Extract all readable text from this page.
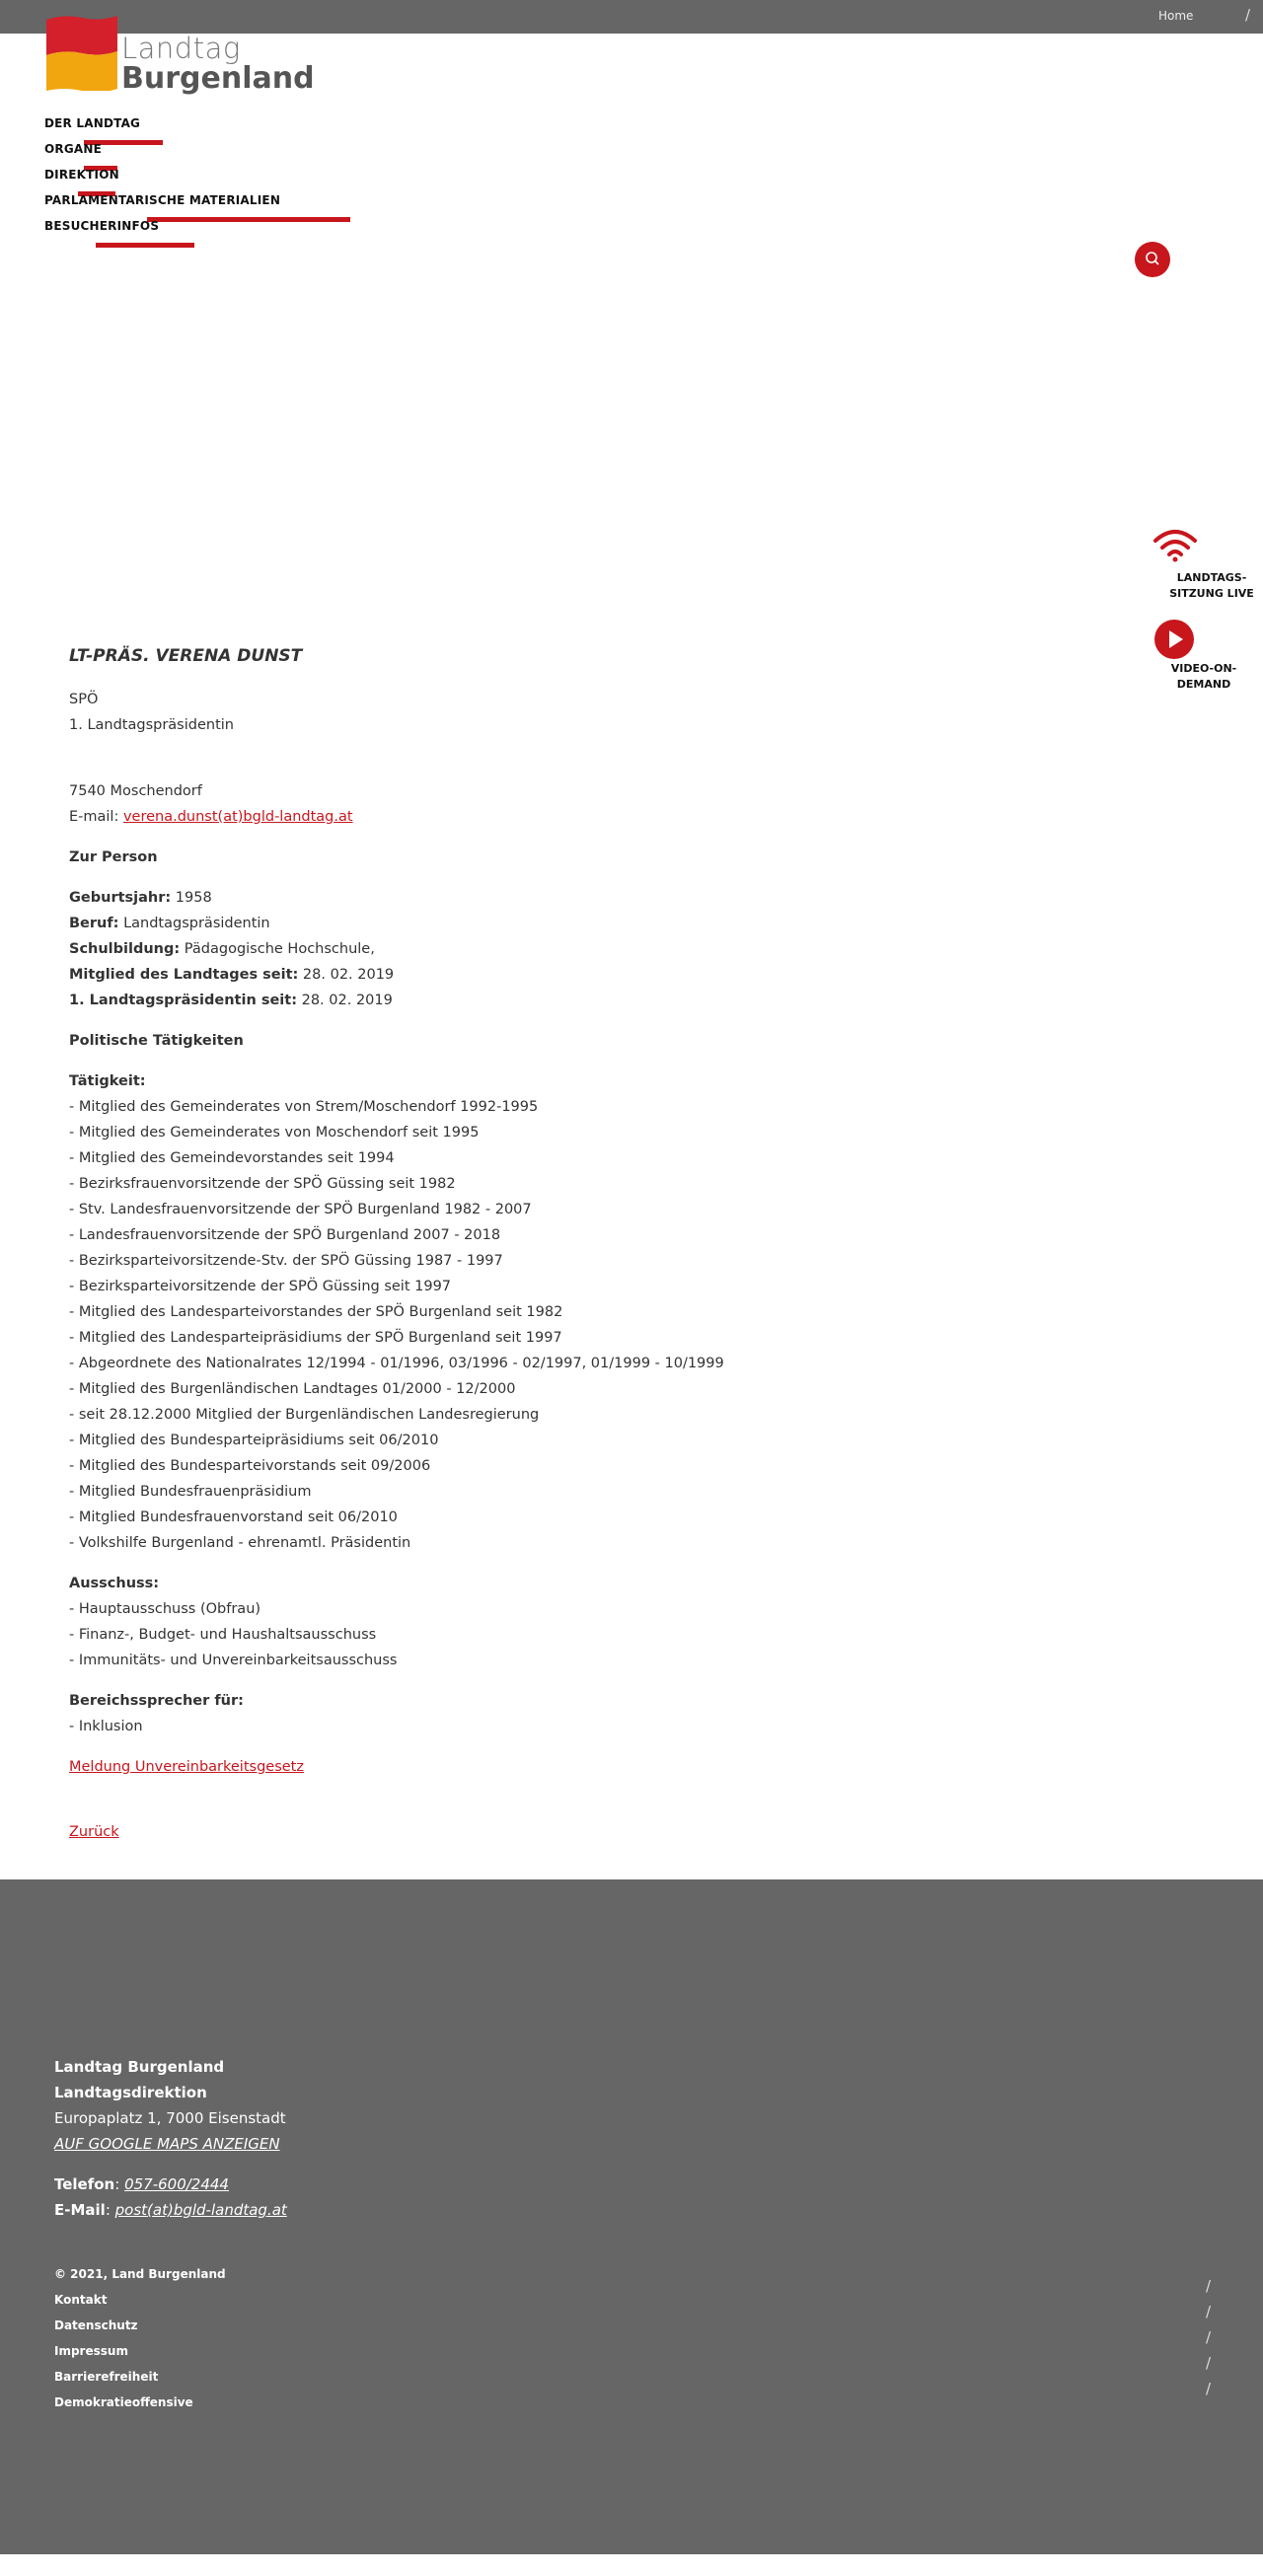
Home	/
Landtag
Burgenland
DER LANDTAG
ORGANE
DIREKTION
PARLAMENTARISCHE MATERIALIEN
BESUCHERINFOS
LANDTAGS-
SITZUNG LIVE
VIDEO-ON-
DEMAND
LT-PRÄS. VERENA DUNST

SPÖ

1. Landtagspräsidentin

7540 Moschendorf

E-mail: verena.dunst(at)bgld-landtag.at

Zur Person

Geburtsjahr: 1958

Beruf: Landtagspräsidentin

Schulbildung: Pädagogische Hochschule,

Mitglied des Landtages seit: 28. 02. 2019

1. Landtagspräsidentin seit: 28. 02. 2019

Politische Tätigkeiten

Tätigkeit:

- Mitglied des Gemeinderates von Strem/Moschendorf 1992-1995

- Mitglied des Gemeinderates von Moschendorf seit 1995

- Mitglied des Gemeindevorstandes seit 1994

- Bezirksfrauenvorsitzende der SPÖ Güssing seit 1982

- Stv. Landesfrauenvorsitzende der SPÖ Burgenland 1982 - 2007

- Landesfrauenvorsitzende der SPÖ Burgenland 2007 - 2018

- Bezirksparteivorsitzende-Stv. der SPÖ Güssing 1987 - 1997

- Bezirksparteivorsitzende der SPÖ Güssing seit 1997

- Mitglied des Landesparteivorstandes der SPÖ Burgenland seit 1982

- Mitglied des Landesparteipräsidiums der SPÖ Burgenland seit 1997

- Abgeordnete des Nationalrates 12/1994 - 01/1996, 03/1996 - 02/1997, 01/1999 - 10/1999

- Mitglied des Burgenländischen Landtages 01/2000 - 12/2000

- seit 28.12.2000 Mitglied der Burgenländischen Landesregierung

- Mitglied des Bundesparteipräsidiums seit 06/2010

- Mitglied des Bundesparteivorstands seit 09/2006

- Mitglied Bundesfrauenpräsidium

- Mitglied Bundesfrauenvorstand seit 06/2010

- Volkshilfe Burgenland - ehrenamtl. Präsidentin

Ausschuss:

- Hauptausschuss (Obfrau)

- Finanz-, Budget- und Haushaltsausschuss

- Immunitäts- und Unvereinbarkeitsausschuss

Bereichssprecher für:

- Inklusion

Meldung Unvereinbarkeitsgesetz

Zurück

Landtag Burgenland
Landtagsdirektion
Europaplatz 1, 7000 Eisenstadt
AUF GOOGLE MAPS ANZEIGEN
Telefon: 057-600/2444
E-Mail: post(at)bgld-landtag.at
© 2021, Land Burgenland
Kontakt
Datenschutz
Impressum
Barrierefreiheit
Demokratieoffensive
/
/
/
/
/
